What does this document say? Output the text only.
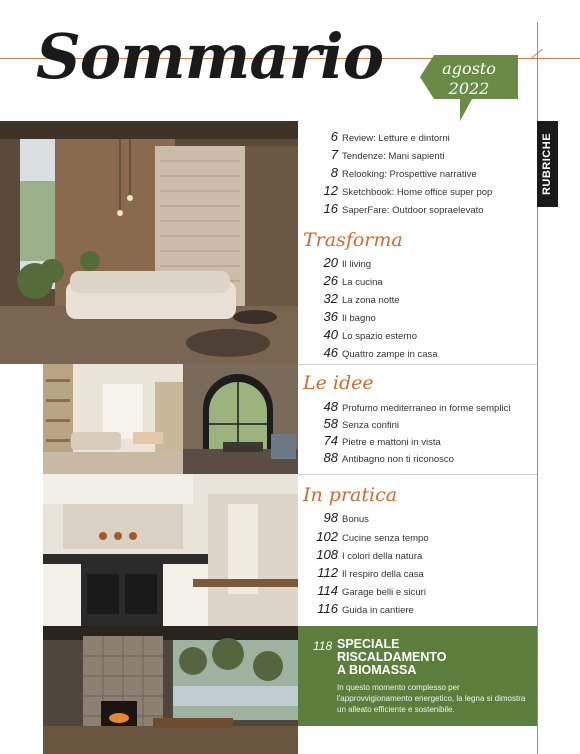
Sommario	agosto
2022
RUBRICHE
6 Review: Letture e dintorni
7 Tendenze: Mani sapienti
8 Relooking: Prospettive narrative
12 Sketchbook: Home office super pop
16 SaperFare: Outdoor sopraelevato
Trasforma
20 Il living
26 La cucina
32 La zona notte
36 Il bagno
40 Lo spazio esterno
46 Quattro zampe in casa
Le idee
48 Profumo mediterraneo in forme semplici
58 Senza confini
74 Pietre e mattoni in vista
88 Antibagno non ti riconosco
In pratica
98 Bonus
102 Cucine senza tempo
108 I colori della natura
112 Il respiro della casa
114 Garage belli e sicuri
116 Guida in cantiere
118 SPECIALE
RISCALDAMENTO
A BIOMASSA
In questo momento complesso per l'approvvigionamento energetico, la legna si dimostra un alleato efficiente e sostenibile.
